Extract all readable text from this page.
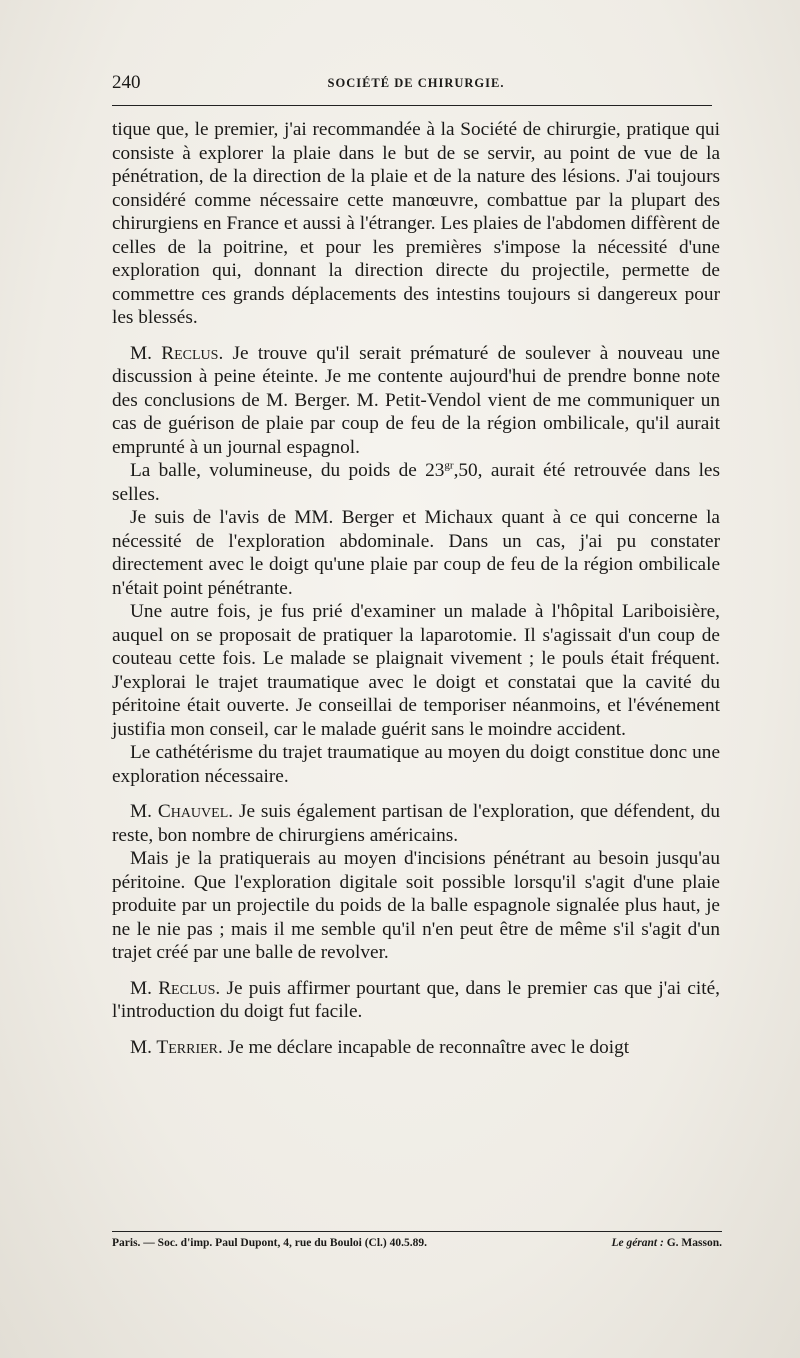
240	SOCIÉTÉ DE CHIRURGIE.

tique que, le premier, j'ai recommandée à la Société de chirurgie, pratique qui consiste à explorer la plaie dans le but de se servir, au point de vue de la pénétration, de la direction de la plaie et de la nature des lésions. J'ai toujours considéré comme nécessaire cette manœuvre, combattue par la plupart des chirurgiens en France et aussi à l'étranger. Les plaies de l'abdomen diffèrent de celles de la poitrine, et pour les premières s'impose la nécessité d'une exploration qui, donnant la direction directe du projectile, permette de commettre ces grands déplacements des intestins toujours si dangereux pour les blessés.

M. Reclus. Je trouve qu'il serait prématuré de soulever à nouveau une discussion à peine éteinte. Je me contente aujourd'hui de prendre bonne note des conclusions de M. Berger. M. Petit-Vendol vient de me communiquer un cas de guérison de plaie par coup de feu de la région ombilicale, qu'il aurait emprunté à un journal espagnol.

La balle, volumineuse, du poids de $23^{gr},50$, aurait été retrouvée dans les selles.

Je suis de l'avis de MM. Berger et Michaux quant à ce qui concerne la nécessité de l'exploration abdominale. Dans un cas, j'ai pu constater directement avec le doigt qu'une plaie par coup de feu de la région ombilicale n'était point pénétrante.

Une autre fois, je fus prié d'examiner un malade à l'hôpital Lariboisière, auquel on se proposait de pratiquer la laparotomie. Il s'agissait d'un coup de couteau cette fois. Le malade se plaignait vivement ; le pouls était fréquent. J'explorai le trajet traumatique avec le doigt et constatai que la cavité du péritoine était ouverte. Je conseillai de temporiser néanmoins, et l'événement justifia mon conseil, car le malade guérit sans le moindre accident.

Le cathétérisme du trajet traumatique au moyen du doigt constitue donc une exploration nécessaire.

M. Chauvel. Je suis également partisan de l'exploration, que défendent, du reste, bon nombre de chirurgiens américains.

Mais je la pratiquerais au moyen d'incisions pénétrant au besoin jusqu'au péritoine. Que l'exploration digitale soit possible lorsqu'il s'agit d'une plaie produite par un projectile du poids de la balle espagnole signalée plus haut, je ne le nie pas ; mais il me semble qu'il n'en peut être de même s'il s'agit d'un trajet créé par une balle de revolver.

M. Reclus. Je puis affirmer pourtant que, dans le premier cas que j'ai cité, l'introduction du doigt fut facile.

M. Terrier. Je me déclare incapable de reconnaître avec le doigt

Paris. — Soc. d'imp. Paul Dupont, 4, rue du Bouloi (Cl.) 40.5.89.	Le gérant : G. Masson.
